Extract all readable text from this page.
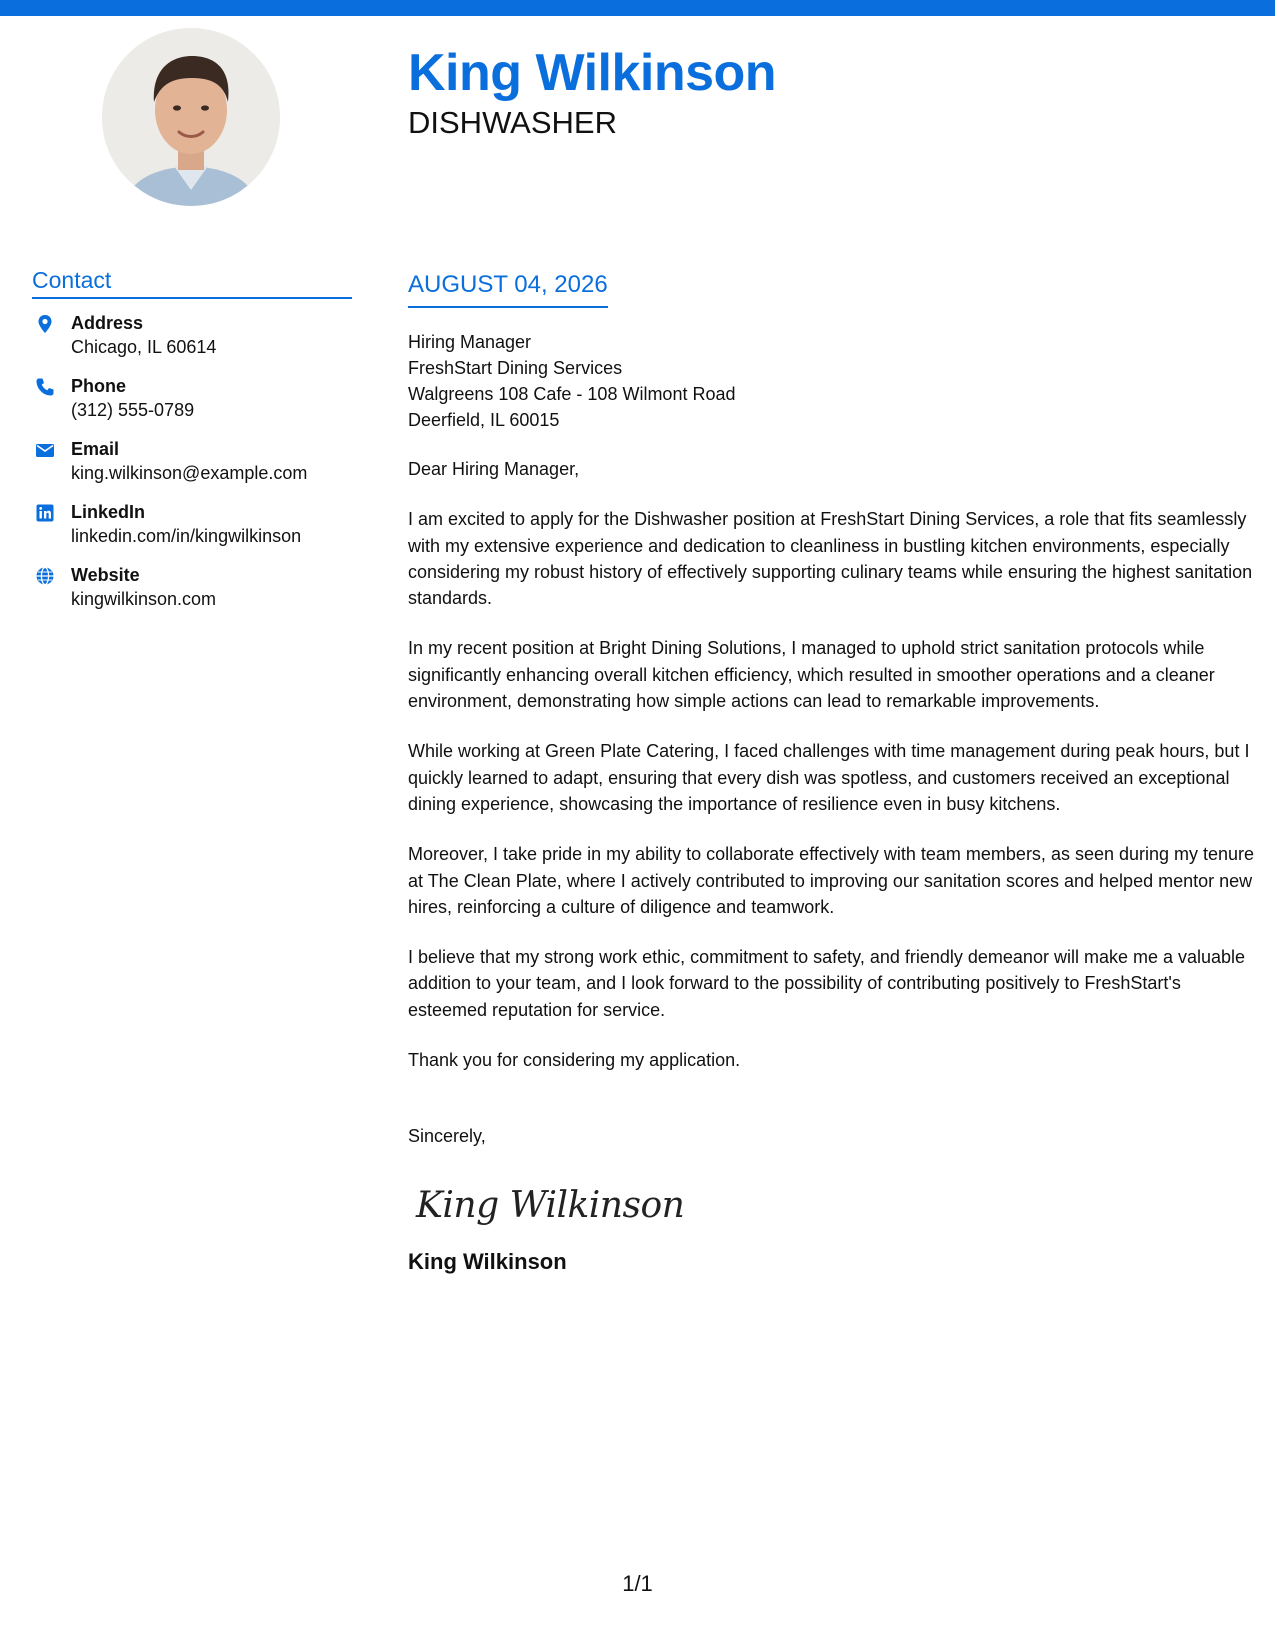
King Wilkinson
DISHWASHER
Contact
Address
Chicago, IL 60614
Phone
(312) 555-0789
Email
king.wilkinson@example.com
LinkedIn
linkedin.com/in/kingwilkinson
Website
kingwilkinson.com
AUGUST 04, 2026
Hiring Manager
FreshStart Dining Services
Walgreens 108 Cafe - 108 Wilmont Road
Deerfield, IL 60015

Dear Hiring Manager,

I am excited to apply for the Dishwasher position at FreshStart Dining Services, a role that fits seamlessly with my extensive experience and dedication to cleanliness in bustling kitchen environments, especially considering my robust history of effectively supporting culinary teams while ensuring the highest sanitation standards.

In my recent position at Bright Dining Solutions, I managed to uphold strict sanitation protocols while significantly enhancing overall kitchen efficiency, which resulted in smoother operations and a cleaner environment, demonstrating how simple actions can lead to remarkable improvements.

While working at Green Plate Catering, I faced challenges with time management during peak hours, but I quickly learned to adapt, ensuring that every dish was spotless, and customers received an exceptional dining experience, showcasing the importance of resilience even in busy kitchens.

Moreover, I take pride in my ability to collaborate effectively with team members, as seen during my tenure at The Clean Plate, where I actively contributed to improving our sanitation scores and helped mentor new hires, reinforcing a culture of diligence and teamwork.

I believe that my strong work ethic, commitment to safety, and friendly demeanor will make me a valuable addition to your team, and I look forward to the possibility of contributing positively to FreshStart's esteemed reputation for service.

Thank you for considering my application.

Sincerely,

King Wilkinson
King Wilkinson
1/1
